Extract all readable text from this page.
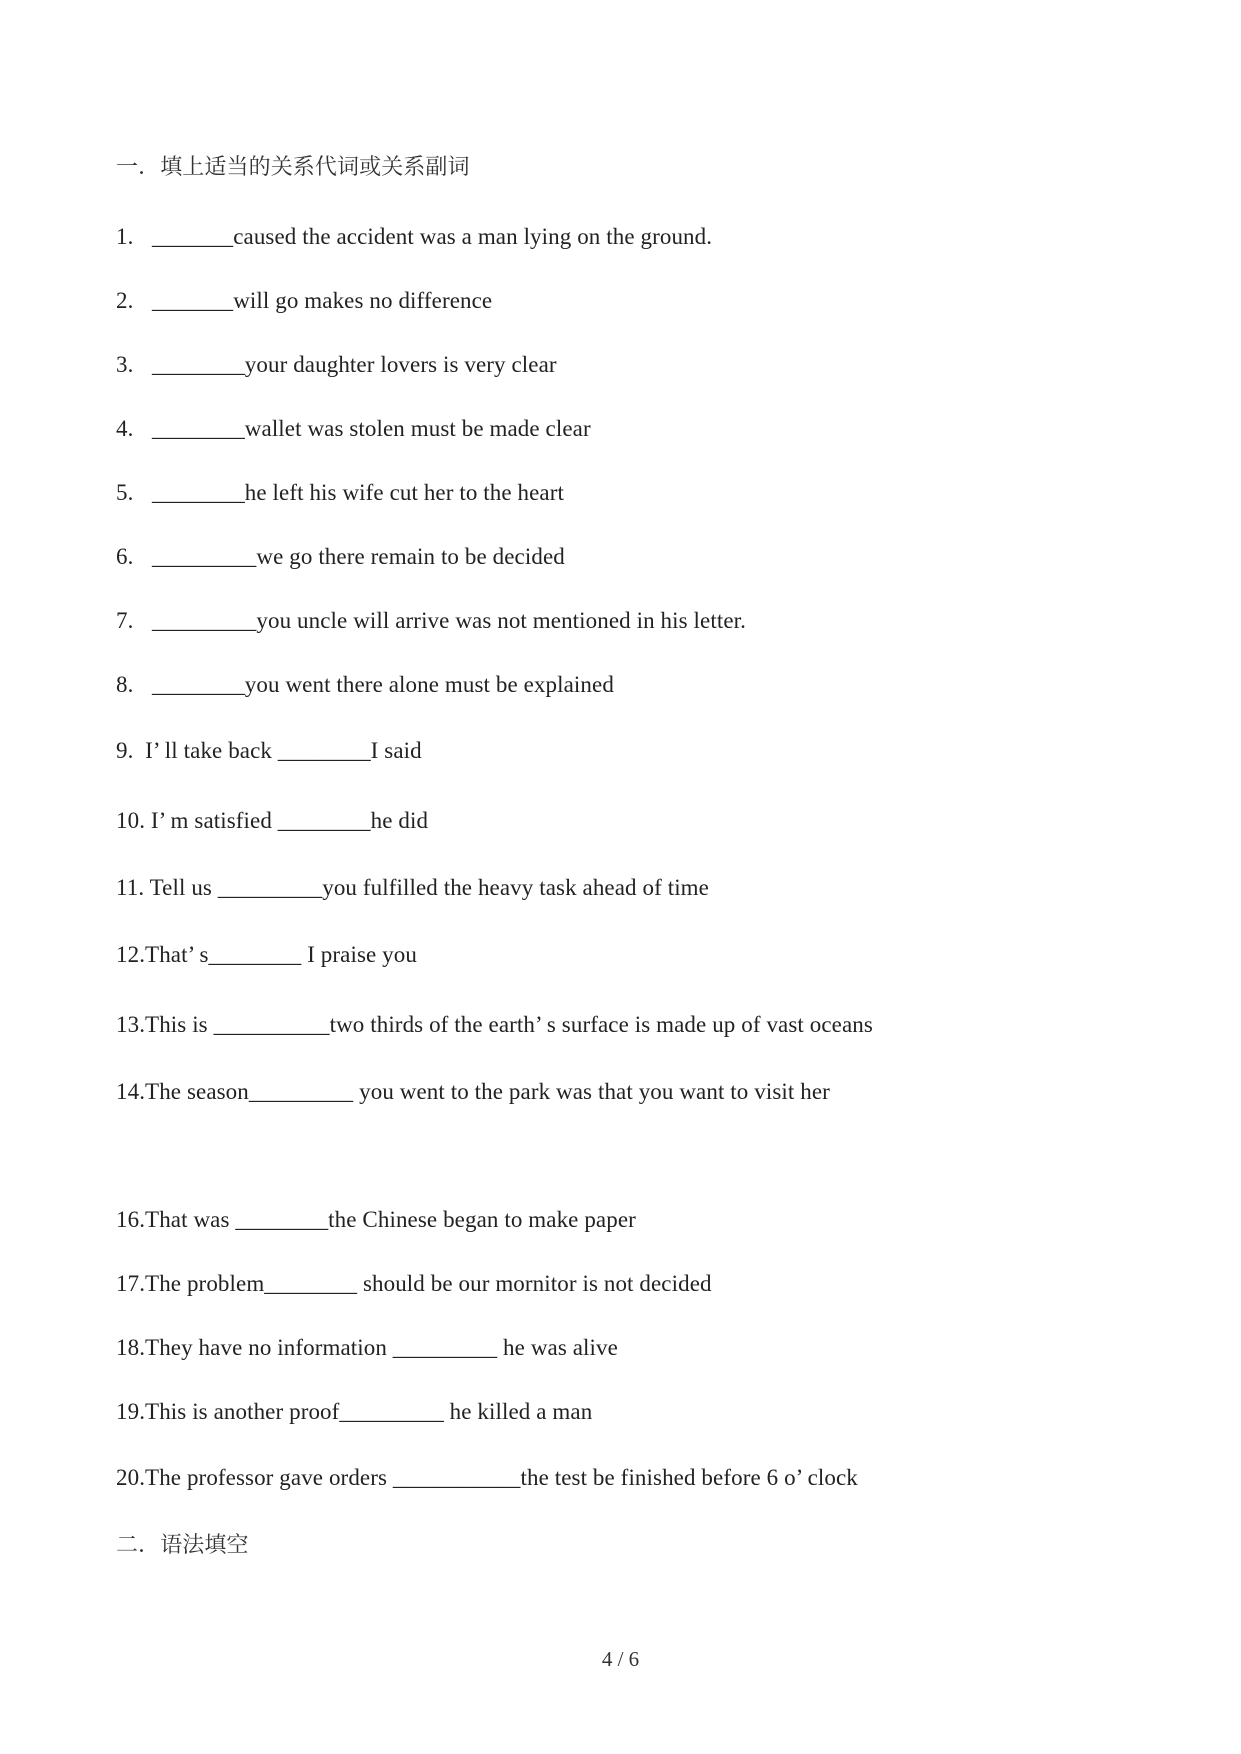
一．填上适当的关系代词或关系副词
1. _______caused the accident was a man lying on the ground.
2. _______will go makes no difference
3. ________your daughter lovers is very clear
4. ________wallet was stolen must be made clear
5. ________he left his wife cut her to the heart
6. _________we go there remain to be decided
7. _________you uncle will arrive was not mentioned in his letter.
8. ________you went there alone must be explained
9.  I’ ll take back ________I said
10. I’ m satisfied ________he did
11. Tell us _________you fulfilled the heavy task ahead of time
12.That’ s________ I praise you
13.This is __________two thirds of the earth’ s surface is made up of vast oceans
14.The season_________ you went to the park was that you want to visit her
16.That was ________the Chinese began to make paper
17.The problem________ should be our mornitor is not decided
18.They have no information _________ he was alive
19.This is another proof_________ he killed a man
20.The professor gave orders ___________the test be finished before 6 o’ clock
二．语法填空
4 / 6
